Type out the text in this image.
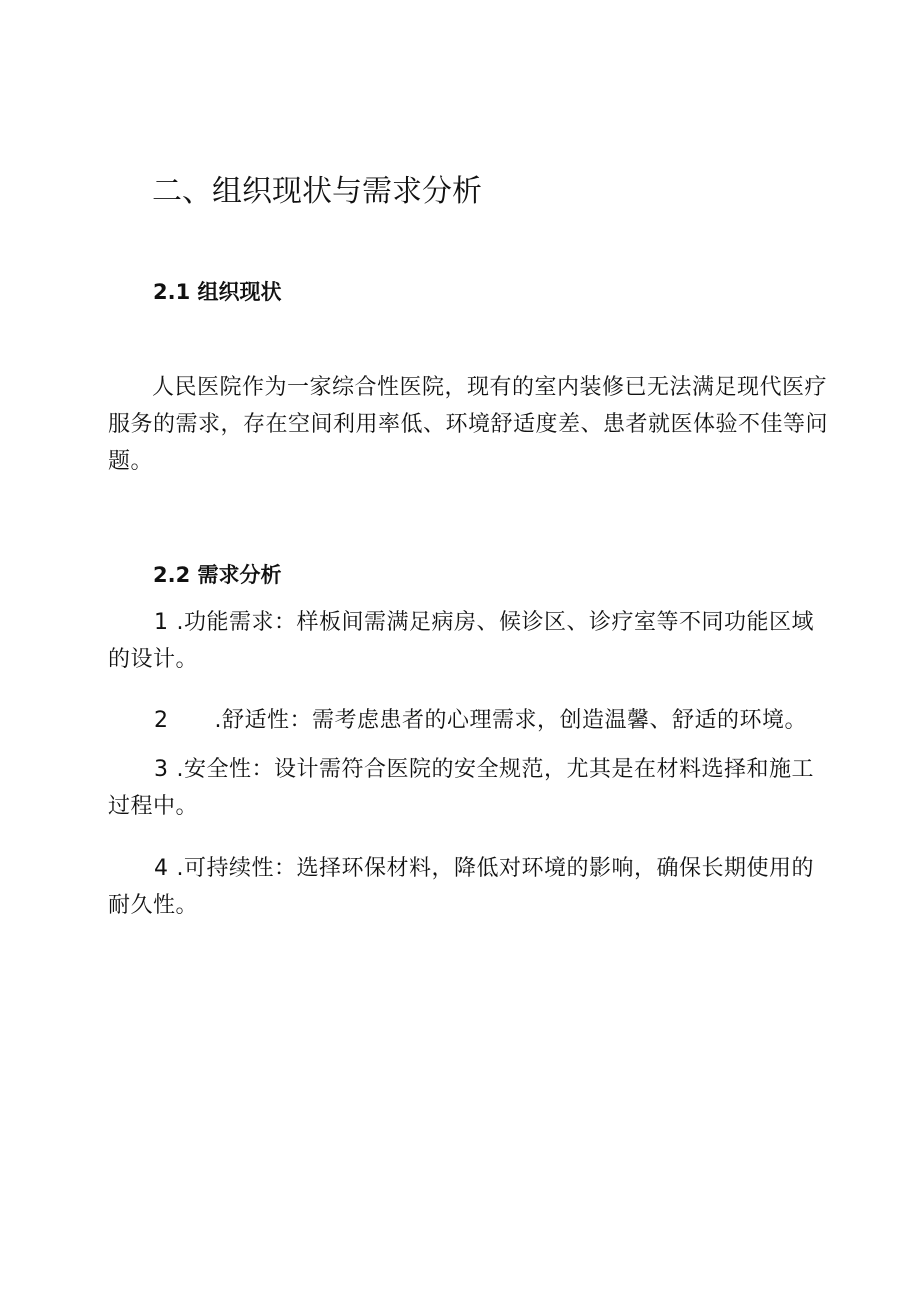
二、组织现状与需求分析
2.1 组织现状

人民医院作为一家综合性医院，现有的室内装修已无法满足现代医疗服务的需求，存在空间利用率低、环境舒适度差、患者就医体验不佳等问题。

2.2 需求分析

1 .功能需求：样板间需满足病房、候诊区、诊疗室等不同功能区域的设计。

2 .舒适性：需考虑患者的心理需求，创造温馨、舒适的环境。

3 .安全性：设计需符合医院的安全规范，尤其是在材料选择和施工过程中。

4 .可持续性：选择环保材料，降低对环境的影响，确保长期使用的耐久性。
